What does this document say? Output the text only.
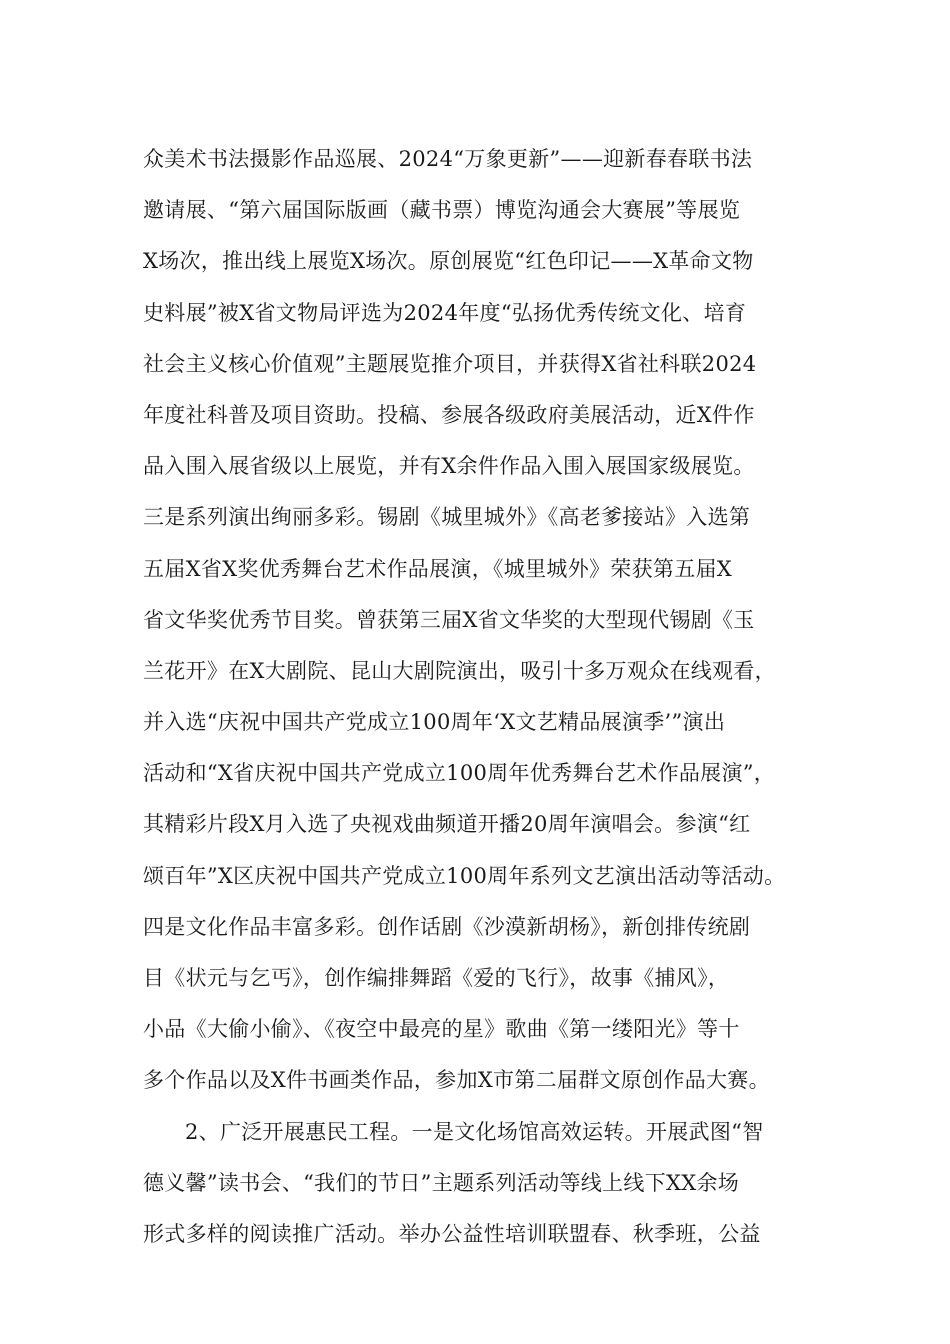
众美术书法摄影作品巡展、2024“万象更新”——迎新春春联书法
邀请展、“第六届国际版画（藏书票）博览沟通会大赛展”等展览
X场次，推出线上展览X场次。原创展览“红色印记——X革命文物
史料展”被X省文物局评选为2024年度“弘扬优秀传统文化、培育
社会主义核心价值观”主题展览推介项目，并获得X省社科联2024
年度社科普及项目资助。投稿、参展各级政府美展活动，近X件作
品入围入展省级以上展览，并有X余件作品入围入展国家级展览。
三是系列演出绚丽多彩。锡剧《城里城外》《高老爹接站》入选第
五届X省X奖优秀舞台艺术作品展演，《城里城外》荣获第五届X
省文华奖优秀节目奖。曾获第三届X省文华奖的大型现代锡剧《玉
兰花开》在X大剧院、昆山大剧院演出，吸引十多万观众在线观看，
并入选“庆祝中国共产党成立100周年‘X文艺精品展演季’”演出
活动和“X省庆祝中国共产党成立100周年优秀舞台艺术作品展演”，
其精彩片段X月入选了央视戏曲频道开播20周年演唱会。参演“红
颂百年”X区庆祝中国共产党成立100周年系列文艺演出活动等活动。
四是文化作品丰富多彩。创作话剧《沙漠新胡杨》，新创排传统剧
目《状元与乞丐》，创作编排舞蹈《爱的飞行》，故事《捕风》，
小品《大偷小偷》、《夜空中最亮的星》歌曲《第一缕阳光》等十
多个作品以及X件书画类作品，参加X市第二届群文原创作品大赛。
2、广泛开展惠民工程。一是文化场馆高效运转。开展武图“智
德义馨”读书会、“我们的节日”主题系列活动等线上线下XX余场
形式多样的阅读推广活动。举办公益性培训联盟春、秋季班，公益
